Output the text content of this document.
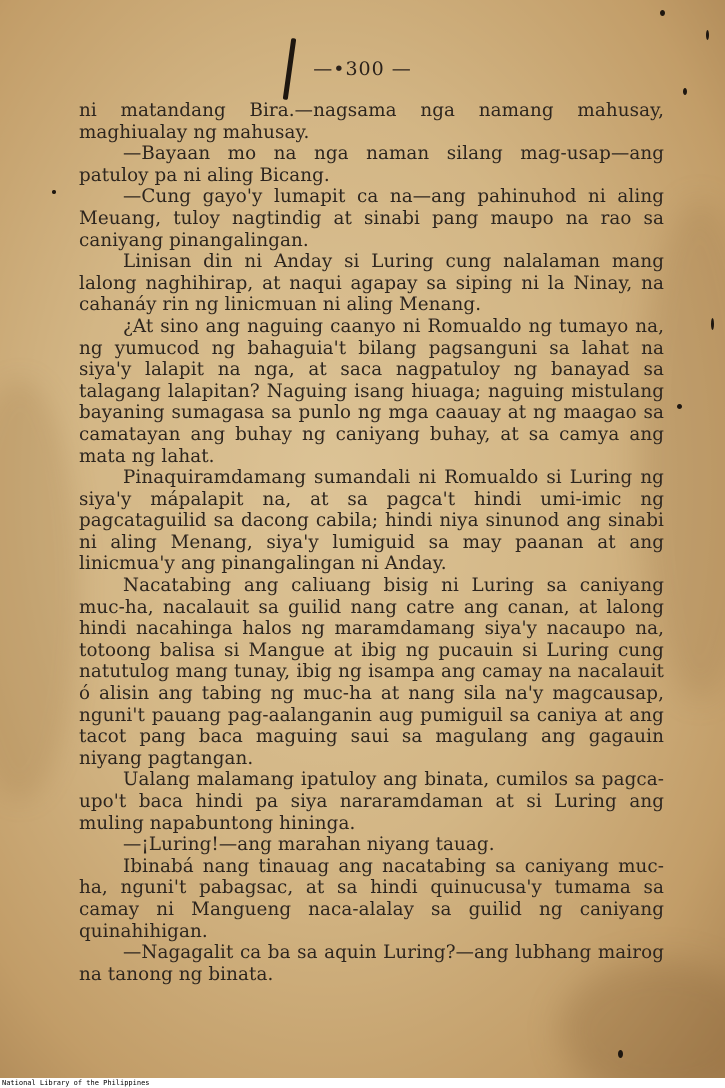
—•300 —

ni matandang Bira.—nagsama nga namang mahusay, maghiualay ng mahusay.

—Bayaan mo na nga naman silang mag-usap—ang patuloy pa ni aling Bicang.

—Cung gayo'y lumapit ca na—ang pahinuhod ni aling Meuang, tuloy nagtindig at sinabi pang maupo na rao sa caniyang pinangalingan.

Linisan din ni Anday si Luring cung nalalaman mang lalong naghihirap, at naqui agapay sa siping ni la Ninay, na cahanáy rin ng linicmuan ni aling Menang.

¿At sino ang naguing caanyo ni Romualdo ng tumayo na, ng yumucod ng bahaguia't bilang pagsanguni sa lahat na siya'y lalapit na nga, at saca nagpatuloy ng banayad sa talagang lalapitan? Naguing isang hiuaga; naguing mistulang bayaning sumagasa sa punlo ng mga caauay at ng maagao sa camatayan ang buhay ng caniyang buhay, at sa camya ang mata ng lahat.

Pinaquiramdamang sumandali ni Romualdo si Luring ng siya'y mápalapit na, at sa pagca't hindi umi-imic ng pagcataguilid sa dacong cabila; hindi niya sinunod ang sinabi ni aling Menang, siya'y lumiguid sa may paanan at ang linicmua'y ang pinangalingan ni Anday.

Nacatabing ang caliuang bisig ni Luring sa caniyang muc-ha, nacalauit sa guilid nang catre ang canan, at lalong hindi nacahinga halos ng maramdamang siya'y nacaupo na, totoong balisa si Mangue at ibig ng pucauin si Luring cung natutulog mang tunay, ibig ng isampa ang camay na nacalauit ó alisin ang tabing ng muc-ha at nang sila na'y magcausap, nguni't pauang pag-aalanganin aug pumiguil sa caniya at ang tacot pang baca maguing saui sa magulang ang gagauin niyang pagtangan.

Ualang malamang ipatuloy ang binata, cumilos sa pagca-upo't baca hindi pa siya nararamdaman at si Luring ang muling napabuntong hininga.

—¡Luring!—ang marahan niyang tauag.

Ibinabá nang tinauag ang nacatabing sa caniyang muc-ha, nguni't pabagsac, at sa hindi quinucusa'y tumama sa camay ni Mangueng naca-alalay sa guilid ng caniyang quinahihigan.

—Nagagalit ca ba sa aquin Luring?—ang lubhang mairog na tanong ng binata.

National Library of the Philippines
